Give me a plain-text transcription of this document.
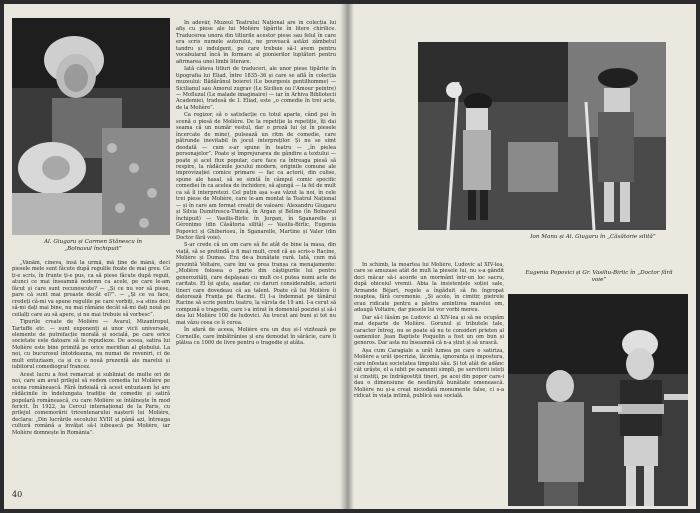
Al. Giugaru și Carmen Stănescu în „Bolnavul închipuit”

În adevăr, Muzeul Teatrului Național are în colecția lui afiș cu piese ale lui Molière tipărite în litere chirilice. Traducerea unora din titlurile acestor piese sau felul în care era scris numele autorului, ne provoacă astăzi zâmbetul tandru și indulgent, pe care trebuie să-l avem pentru vocabularul încă în formare al pionierilor luptători pentru afirmarea unei limbi literare.

Iată câteva titluri de traduceri, ale unor piese tipărite în tipografia lui Eliad, între 1835–36 și care se află în colecția muzeului: Bădărănul boieret (Le bourgeois gentilhomme) — Sicilianul sau Amorul zugrav (Le Sicilien ou l'Amour peintre) — Mofluzul (Le malade imaginaire) — iar în Arhiva Bibliotecii Academiei, tradusă de I. Eliad, este „o comedie în trei acte, de la Molière”.

Ca regizor, să o satisfacție cu totul aparte, când pui în scenă o piesă de Molière. De la repetiție la repetiție, îți dai seama că un număr vestul, dar o proză lui (și în piesele încercate de mine), pulsează un ritm de comedie, care pătrunde inevitabil în jocul interpreților. Și nu se simt deodată — cum s-ar spune în teatru — „în pielea personajelor”. Poate și împrejurarea de gândire a textului — poate și acel flux popular, care face ca întreaga piesă să respire, la rădăcinile jocului modern, originile comune ale improvizației comice primare — fac ca actorii, din culise, spune ale hasal, să se simtă în câmpul comic specific comediei în ca acelea de închidere, să ajungă — la fel de mult ca să îl interpretezi. Cel puțin așa s-au văzut la noi, în cele trei piese de Molière, care le-am montat la Teatrul Național — și în care am format creații de valoare: Alexandru Giugaru și Silvia Dumitrescu-Timică, în Argan și Béline (în Bolnavul închipuit) — Vasilis-Birlic în Jorgan, în Sganarelle și Géronimo (din Căsătoria silită) — Vasilis-Birlic, Eugenia Popovici și Ghiberiosu, în Sganarelle, Martine și Valer (din Doctor fără voie).

S-ar crede că un om care să fie atât de bine la masa, din viață, să se pretindă a fi mai mult, cred că au scris-o Racine, Molière și Dumas. Era de-a bunătate rară. Iată, cum mă prezintă Voltaire, care îmi va prea tranșa ca menajamente: „Molière folosea o parte din câștigurile lui pentru generozități, care depășeau cu mult ce-i putea numi acte de caritate. El își ajuta, așadar, cu daruri considerabile, actorii tineri care dovedeau că au talent. Poate că lui Molière îi datorează Franța pe Racine. El l-a îndemnat pe tânărul Racine să scrie pentru teatru, la vârsta de 19 ani. I-a cerut să compună o tragedie, care i-a intrat în domeniul poeziei și să-i dea lui Molière 100 de ludovici. Au trecut ani buni și tot nu mai văzu ceea ce îi cerea.

În afară de aceea, Molière era un duș și-l vizitează pe Corneille, care îmbătrânise și era demodat în sărăcie, care îi plătea cu 1000 de livre pentru o tragedie și atâta.

„Vânăm, cineva, însă la urmă, mă ține de mână, deci piesele mele sunt făcute după regulile fixate de mai greu. Ce ți-e scris, în frunte ți-e pus, ca să piese făcute după reguli, atunci ce mai înseamnă nedemn ca acele, pe care le-am făcut și care sunt recunoscute? — „Și ce nu vor să piese, pare că sunt mai proaste decât el?”. — „Și ce va face, credeți că-mi va spune regulile pe care vorbiți, s-a stins deci să-mi dați mai bine, nu mai rămâne decât să-mi dați nouă pe ceilalți care au să apere, și nu mai trebuie să vorbesc”.

Tipurile create de Molière — Avarul, Mizantropul, Tartuffe etc. — sunt exponenți ai unor vicii universale, elemente de putrefacție morală și socială, pe care orice societate este datoare să le repudieze. De aceea, satira lui Molière este bine primită pe orice meridian al globului. La noi, cu bucurosul întotdeauna, nu numai de reveniri, ci de mult entuziasm, ca și cu o nouă prezență ale marelui și iubitorul comediograf francez.

Acest lucru a fost remarcat și subliniat de multe ori de noi, care am avut prilejul să vedem comedia lui Molière pe scena românească. Fără îndoială că acest entuziasm își are rădăcinile în îndelungata tradiție de comedie și satiră populară românească, cu care Molière se întâlnește în mod fericit. În 1922, la Cercul internațional de la Paris, cu prilejul comemorării tricentenarului nașterii lui Molière, declara: „Din lucrările secolului XVIII și până azi, întreaga cultură română a învățat să-l iubească pe Molière, iar Molière domnește în România”.

40
Ion Manu și Al. Giugaru în „Căsătorie silită”

În schimb, la moartea lui Molière, Ludovic al XIV-lea, care se amuzase atât de mult la piesele lui, nu s-a gândit deci măcar să-i acorde un mormânt într-un loc sacru, după obiceiul vremii. Abia la insistențele soției sale, Armande Béjart, regele a îngăduit să fie îngropat noaptea, fără ceremonie. „Și acolo, în cimitir, pietrele erau ridicate pentru a păstra amintirea marelui om, adaugă Voltaire, dar piesele lui vor vorbi mereu.

Dar să-l lăsăm pe Ludovic al XIV-lea și să ne ocupăm mai departe de Molière. Gorunul și tributele tale, caracter întreg, nu se poate să nu te consideri prieten al oamenilor. Jean Baptiste Poquelin a fost un om bun și generos. Dar asta nu înseamnă că n-a știut și să urască.

Așa cum Caragiale a urât lumea pe care o satiriza, Molière a urât ipocrizia, lăcomia, ignoranța și impostura, care infestau societatea timpului său. Și tot atât de adânc cât urăște, el a iubit pe oamenii simpli, pe servitorii isteți și cinstiți, pe îndrăgostiții tineri, pe acei din popor care-i dau o dimensiune de nesfârșită bunătate omenească. Molière nu și-a creat niciodată monumente false, ci s-a ridicat în viața intimă, publică sau socială.

Eugenia Popovici și Gr. Vasiliu-Birlic în „Doctor fără voie”
